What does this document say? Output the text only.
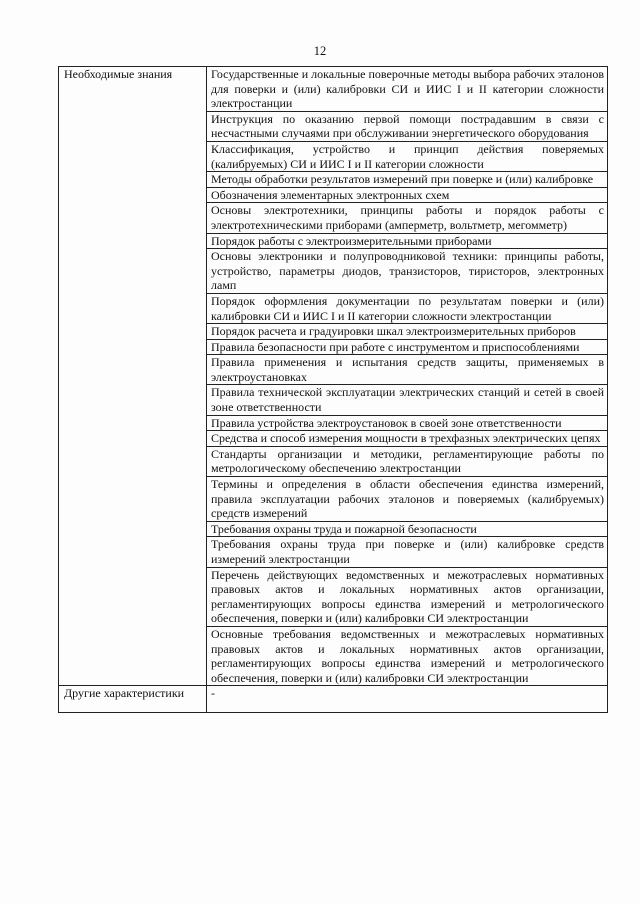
12
Необходимые знания	Государственные и локальные поверочные методы выбора рабочих эталонов для поверки и (или) калибровки СИ и ИИС I и II категории сложности электростанции
	Инструкция по оказанию первой помощи пострадавшим в связи с несчастными случаями при обслуживании энергетического оборудования
	Классификация, устройство и принцип действия поверяемых (калибруемых) СИ и ИИС I и II категории сложности
	Методы обработки результатов измерений при поверке и (или) калибровке
	Обозначения элементарных электронных схем
	Основы электротехники, принципы работы и порядок работы с электротехническими приборами (амперметр, вольтметр, мегомметр)
	Порядок работы с электроизмерительными приборами
	Основы электроники и полупроводниковой техники: принципы работы, устройство, параметры диодов, транзисторов, тиристоров, электронных ламп
	Порядок оформления документации по результатам поверки и (или) калибровки СИ и ИИС I и II категории сложности электростанции
	Порядок расчета и градуировки шкал электроизмерительных приборов
	Правила безопасности при работе с инструментом и приспособлениями
	Правила применения и испытания средств защиты, применяемых в электроустановках
	Правила технической эксплуатации электрических станций и сетей в своей зоне ответственности
	Правила устройства электроустановок в своей зоне ответственности
	Средства и способ измерения мощности в трехфазных электрических цепях
	Стандарты организации и методики, регламентирующие работы по метрологическому обеспечению электростанции
	Термины и определения в области обеспечения единства измерений, правила эксплуатации рабочих эталонов и поверяемых (калибруемых) средств измерений
	Требования охраны труда и пожарной безопасности
	Требования охраны труда при поверке и (или) калибровке средств измерений электростанции
	Перечень действующих ведомственных и межотраслевых нормативных правовых актов и локальных нормативных актов организации, регламентирующих вопросы единства измерений и метрологического обеспечения, поверки и (или) калибровки СИ электростанции
	Основные требования ведомственных и межотраслевых нормативных правовых актов и локальных нормативных актов организации, регламентирующих вопросы единства измерений и метрологического обеспечения, поверки и (или) калибровки СИ электростанции
Другие характеристики	-
